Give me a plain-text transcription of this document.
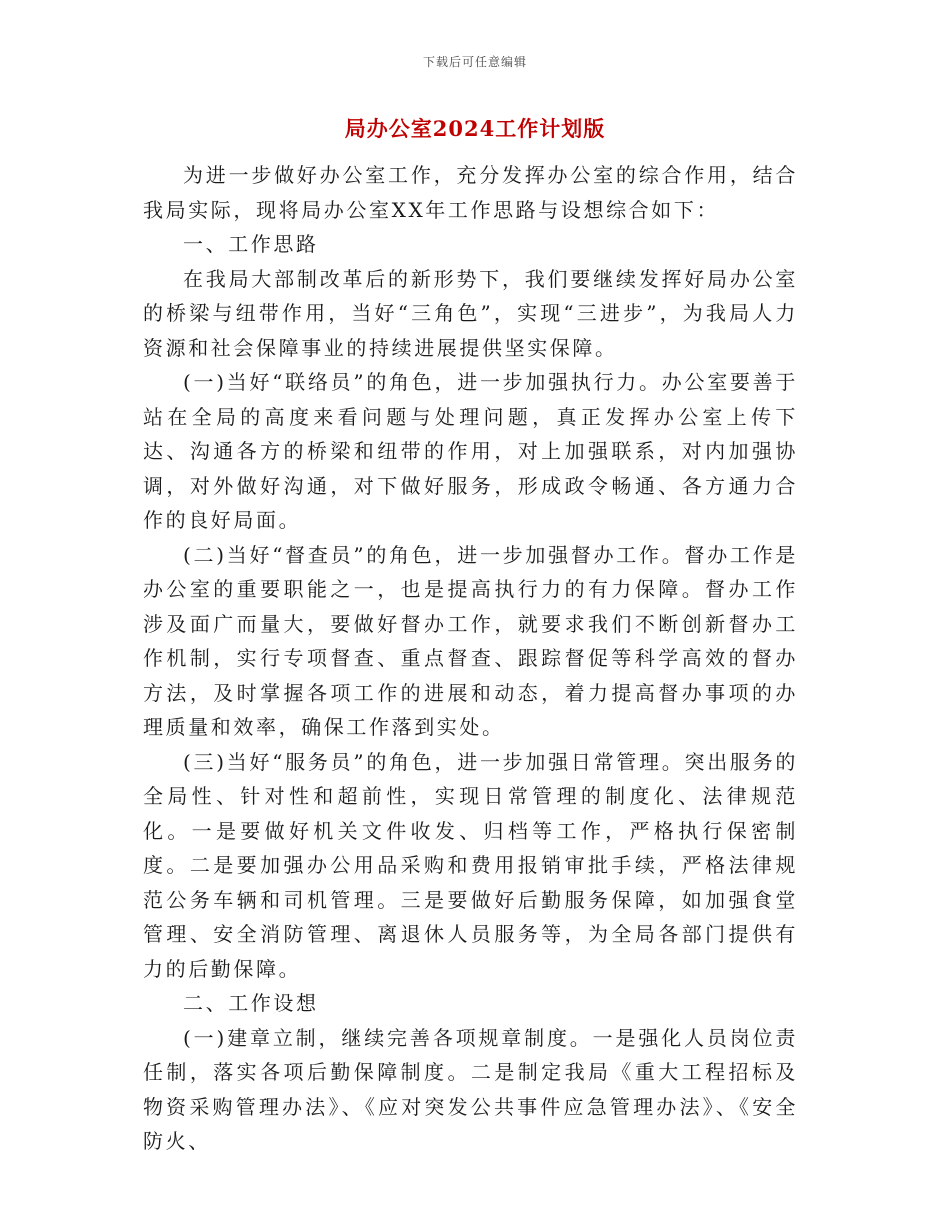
下载后可任意编辑
局办公室2024工作计划版

为进一步做好办公室工作，充分发挥办公室的综合作用，结合我局实际，现将局办公室XX年工作思路与设想综合如下：

一、工作思路

在我局大部制改革后的新形势下，我们要继续发挥好局办公室的桥梁与纽带作用，当好“三角色”，实现“三进步”，为我局人力资源和社会保障事业的持续进展提供坚实保障。

(一)当好“联络员”的角色，进一步加强执行力。办公室要善于站在全局的高度来看问题与处理问题，真正发挥办公室上传下达、沟通各方的桥梁和纽带的作用，对上加强联系，对内加强协调，对外做好沟通，对下做好服务，形成政令畅通、各方通力合作的良好局面。

(二)当好“督查员”的角色，进一步加强督办工作。督办工作是办公室的重要职能之一，也是提高执行力的有力保障。督办工作涉及面广而量大，要做好督办工作，就要求我们不断创新督办工作机制，实行专项督查、重点督查、跟踪督促等科学高效的督办方法，及时掌握各项工作的进展和动态，着力提高督办事项的办理质量和效率，确保工作落到实处。

(三)当好“服务员”的角色，进一步加强日常管理。突出服务的全局性、针对性和超前性，实现日常管理的制度化、法律规范化。一是要做好机关文件收发、归档等工作，严格执行保密制度。二是要加强办公用品采购和费用报销审批手续，严格法律规范公务车辆和司机管理。三是要做好后勤服务保障，如加强食堂管理、安全消防管理、离退休人员服务等，为全局各部门提供有力的后勤保障。

二、工作设想

(一)建章立制，继续完善各项规章制度。一是强化人员岗位责任制，落实各项后勤保障制度。二是制定我局《重大工程招标及物资采购管理办法》、《应对突发公共事件应急管理办法》、《安全防火、
